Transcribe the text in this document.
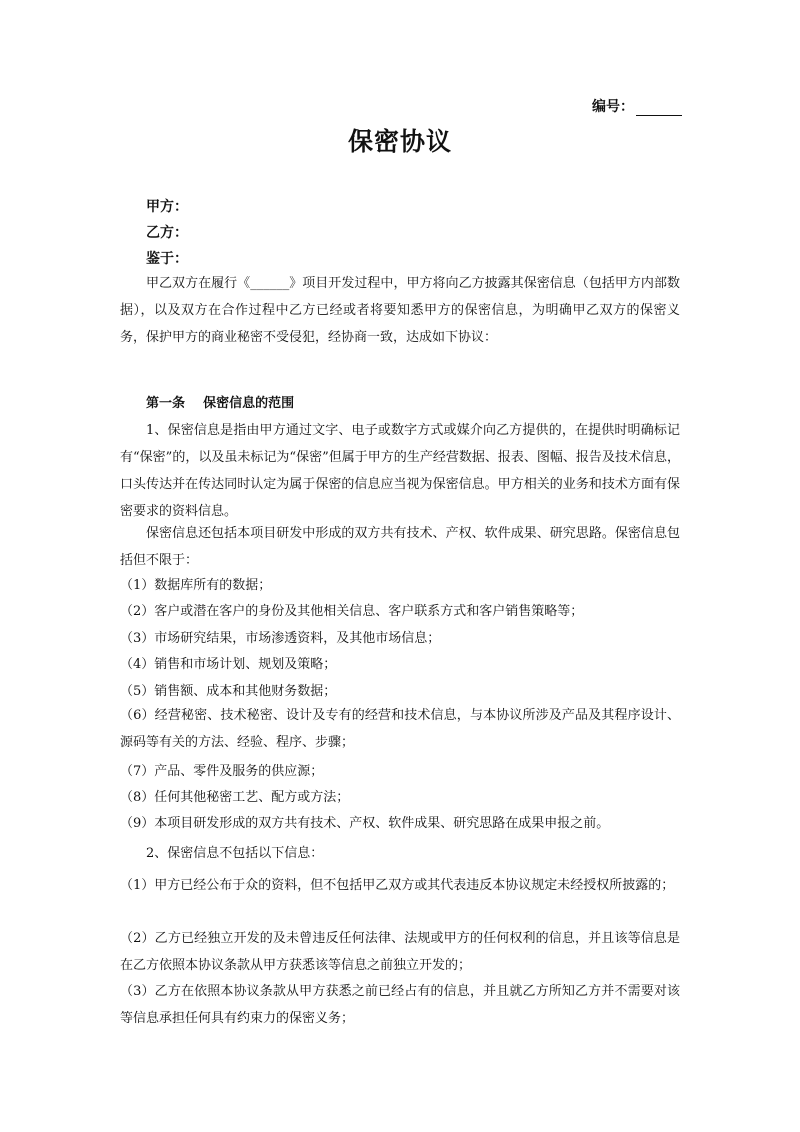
编号：
保密协议
甲方：
乙方：
鉴于：

甲乙双方在履行《______》项目开发过程中，甲方将向乙方披露其保密信息（包括甲方内部数据），以及双方在合作过程中乙方已经或者将要知悉甲方的保密信息，为明确甲乙双方的保密义务，保护甲方的商业秘密不受侵犯，经协商一致，达成如下协议：

第一条    保密信息的范围

1、保密信息是指由甲方通过文字、电子或数字方式或媒介向乙方提供的，在提供时明确标记有“保密”的，以及虽未标记为“保密”但属于甲方的生产经营数据、报表、图幅、报告及技术信息，口头传达并在传达同时认定为属于保密的信息应当视为保密信息。甲方相关的业务和技术方面有保密要求的资料信息。

保密信息还包括本项目研发中形成的双方共有技术、产权、软件成果、研究思路。保密信息包括但不限于：

（1）数据库所有的数据；

（2）客户或潜在客户的身份及其他相关信息、客户联系方式和客户销售策略等；

（3）市场研究结果，市场渗透资料，及其他市场信息；

（4）销售和市场计划、规划及策略；

（5）销售额、成本和其他财务数据；

（6）经营秘密、技术秘密、设计及专有的经营和技术信息，与本协议所涉及产品及其程序设计、源码等有关的方法、经验、程序、步骤；

（7）产品、零件及服务的供应源；

（8）任何其他秘密工艺、配方或方法；

（9）本项目研发形成的双方共有技术、产权、软件成果、研究思路在成果申报之前。

2、保密信息不包括以下信息：

（1）甲方已经公布于众的资料，但不包括甲乙双方或其代表违反本协议规定未经授权所披露的；

（2）乙方已经独立开发的及未曾违反任何法律、法规或甲方的任何权利的信息，并且该等信息是在乙方依照本协议条款从甲方获悉该等信息之前独立开发的；

（3）乙方在依照本协议条款从甲方获悉之前已经占有的信息，并且就乙方所知乙方并不需要对该等信息承担任何具有约束力的保密义务；
